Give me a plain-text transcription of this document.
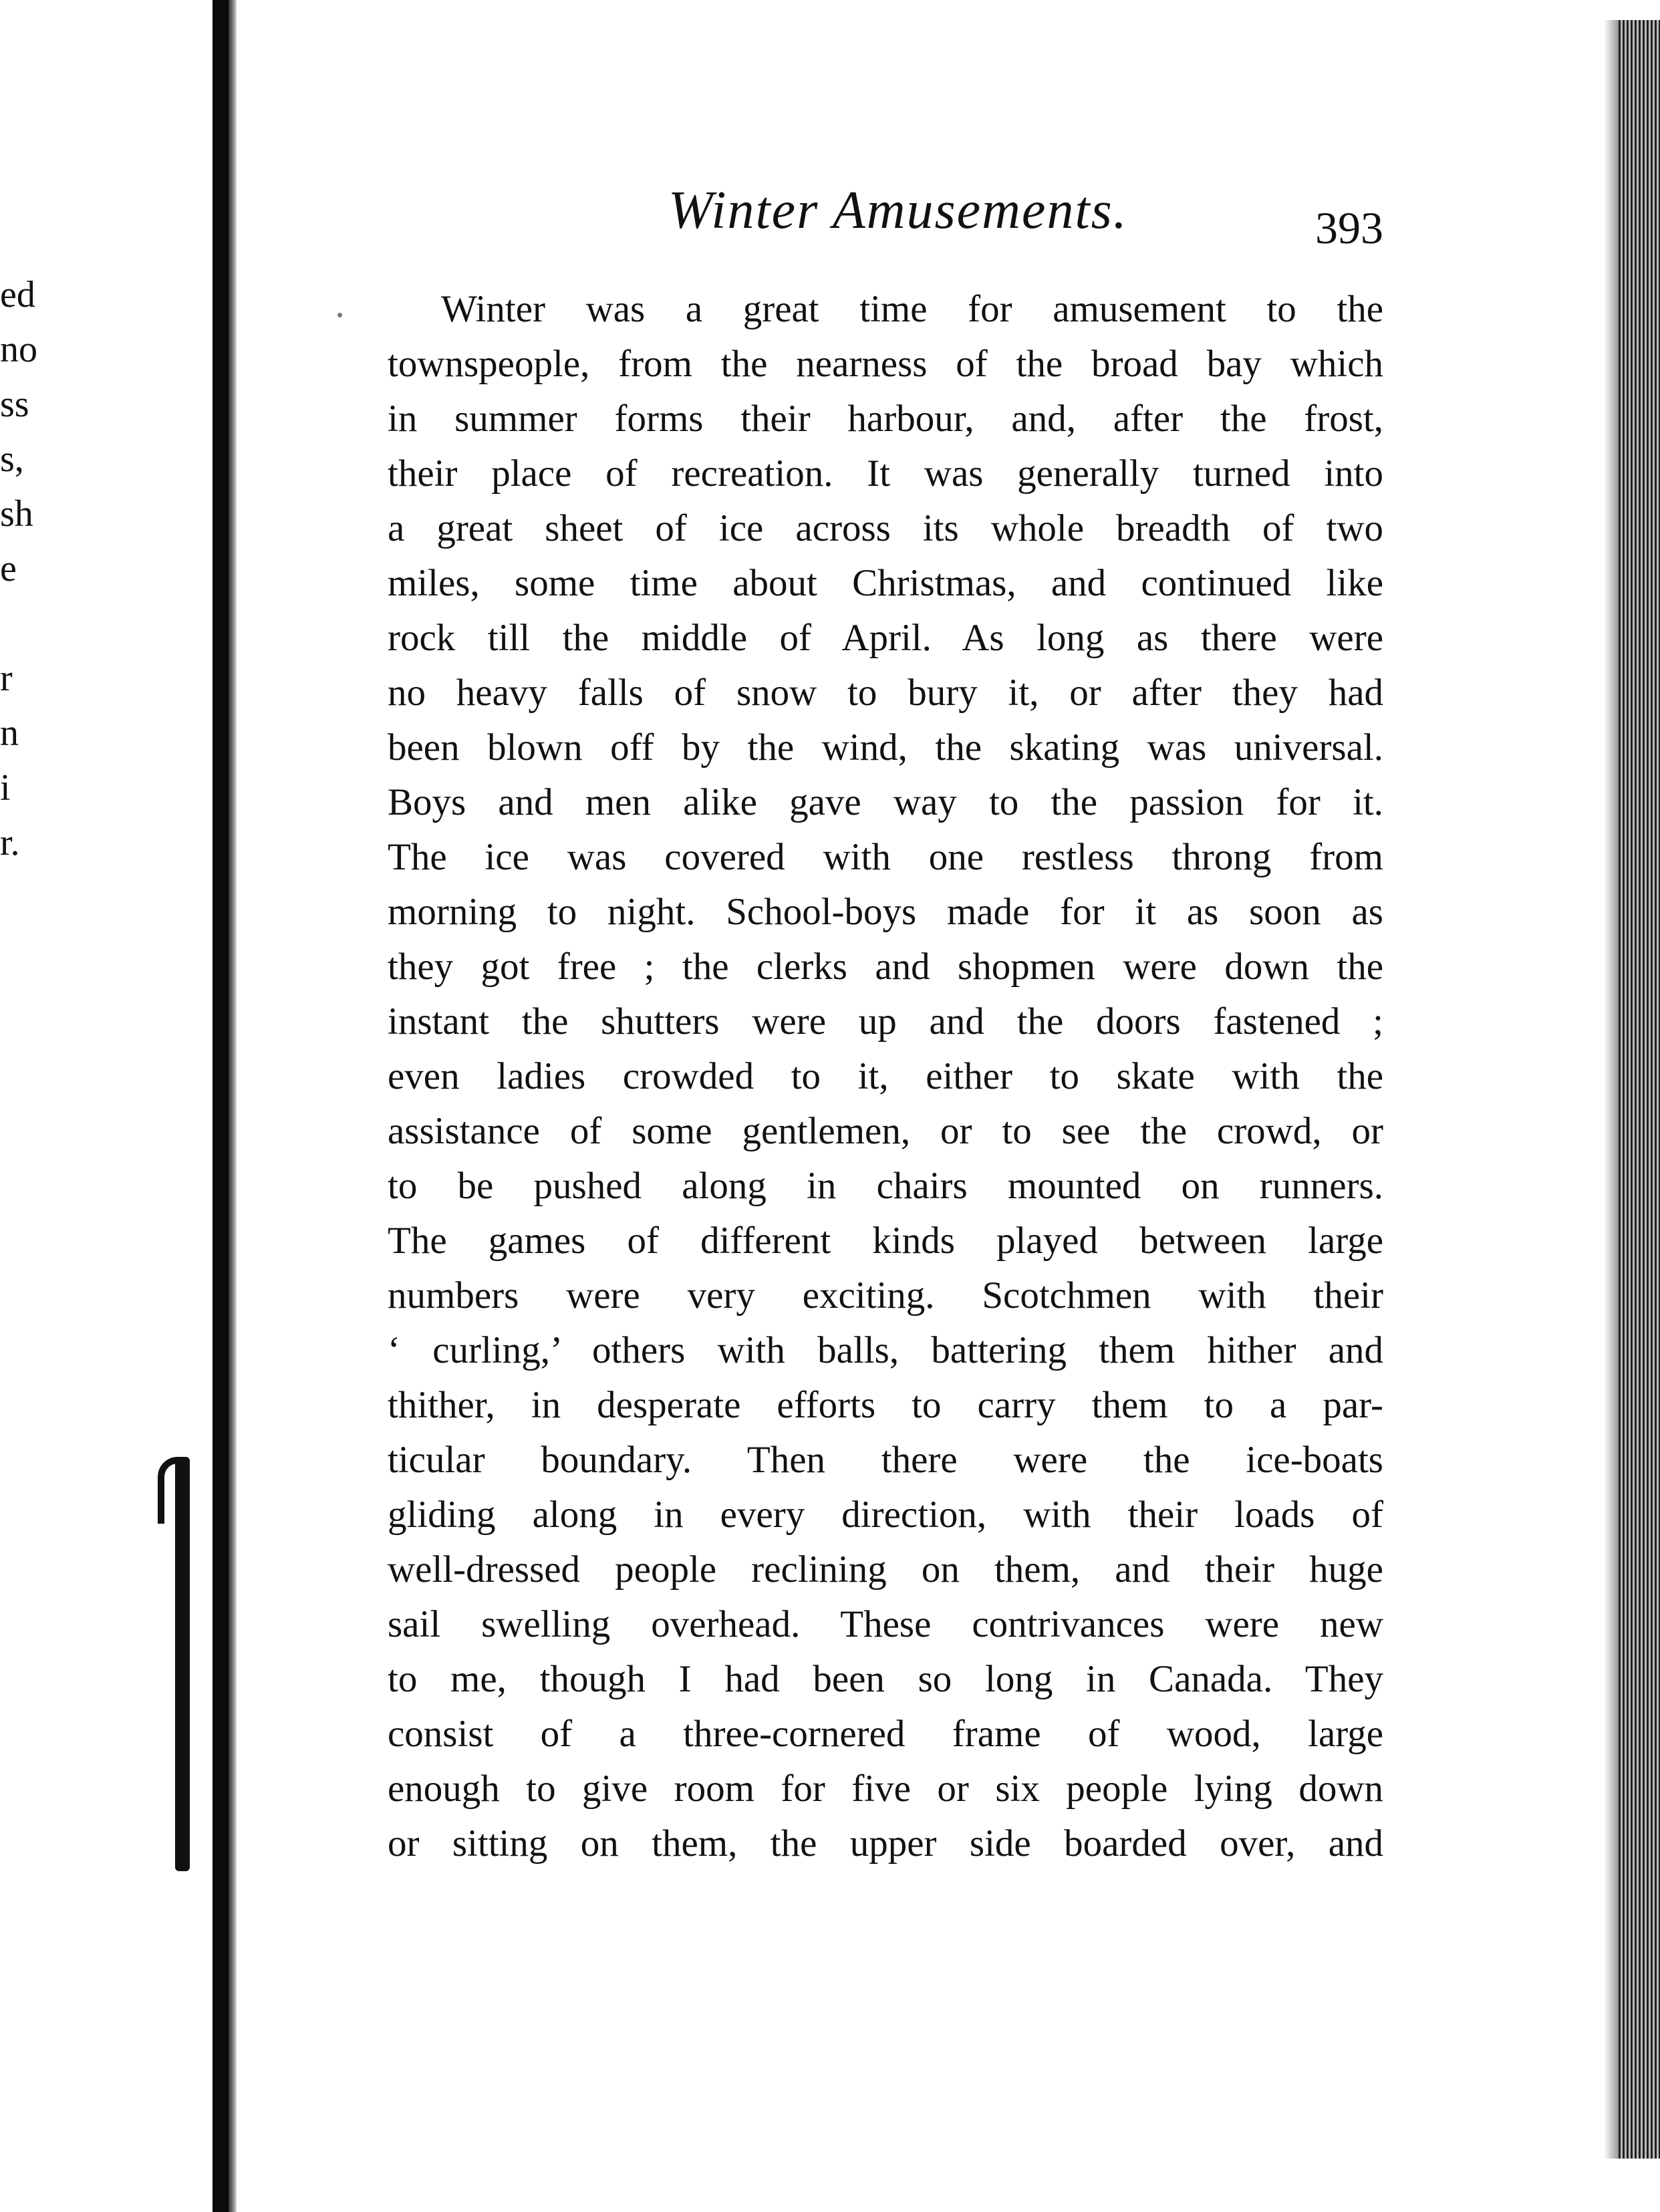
ed
no
ss
s,
sh
e
r
n
i
r.
Winter Amusements.	393
Winter was a great time for amusement to the
townspeople, from the nearness of the broad bay which
in summer forms their harbour, and, after the frost,
their place of recreation. It was generally turned into
a great sheet of ice across its whole breadth of two
miles, some time about Christmas, and continued like
rock till the middle of April. As long as there were
no heavy falls of snow to bury it, or after they had
been blown off by the wind, the skating was universal.
Boys and men alike gave way to the passion for it.
The ice was covered with one restless throng from
morning to night. School-boys made for it as soon as
they got free ; the clerks and shopmen were down the
instant the shutters were up and the doors fastened ;
even ladies crowded to it, either to skate with the
assistance of some gentlemen, or to see the crowd, or
to be pushed along in chairs mounted on runners.
The games of different kinds played between large
numbers were very exciting. Scotchmen with their
‘ curling,’ others with balls, battering them hither and
thither, in desperate efforts to carry them to a par-
ticular boundary. Then there were the ice-boats
gliding along in every direction, with their loads of
well-dressed people reclining on them, and their huge
sail swelling overhead. These contrivances were new
to me, though I had been so long in Canada. They
consist of a three-cornered frame of wood, large
enough to give room for five or six people lying down
or sitting on them, the upper side boarded over, and
